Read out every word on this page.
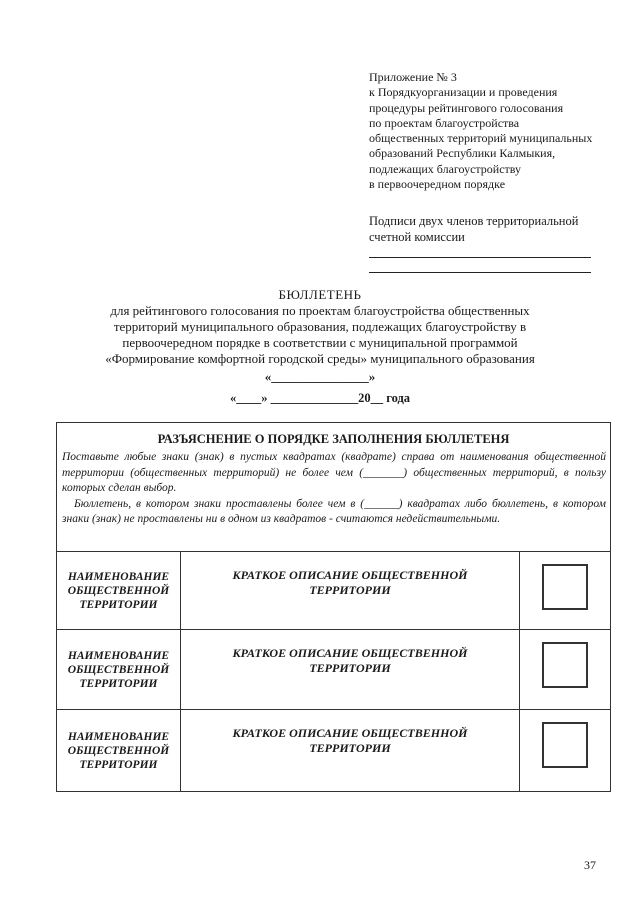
Приложение № 3
к Порядкуорганизации и проведения
процедуры рейтингового голосования
по проектам благоустройства
общественных территорий муниципальных
образований Республики Калмыкия,
подлежащих благоустройству
в первоочередном порядке
Подписи двух членов территориальной
счетной комиссии
БЮЛЛЕТЕНЬ
для рейтингового голосования по проектам благоустройства общественных
территорий муниципального образования, подлежащих благоустройству в
первоочередном порядке в соответствии с муниципальной программой
«Формирование комфортной городской среды» муниципального образования
«_______________»
«____» ______________20__ года
РАЗЪЯСНЕНИЕ О ПОРЯДКЕ ЗАПОЛНЕНИЯ БЮЛЛЕТЕНЯ
Поставьте любые знаки (знак) в пустых квадратах (квадрате) справа от наименования общественной территории (общественных территорий) не более чем (_______) общественных территорий, в пользу которых сделан выбор.
Бюллетень, в котором знаки проставлены более чем в (______) квадратах либо бюллетень, в котором знаки (знак) не проставлены ни в одном из квадратов - считаются недействительными.
НАИМЕНОВАНИЕ
ОБЩЕСТВЕННОЙ
ТЕРРИТОРИИ
КРАТКОЕ ОПИСАНИЕ ОБЩЕСТВЕННОЙ
ТЕРРИТОРИИ
НАИМЕНОВАНИЕ
ОБЩЕСТВЕННОЙ
ТЕРРИТОРИИ
КРАТКОЕ ОПИСАНИЕ ОБЩЕСТВЕННОЙ
ТЕРРИТОРИИ
НАИМЕНОВАНИЕ
ОБЩЕСТВЕННОЙ
ТЕРРИТОРИИ
КРАТКОЕ ОПИСАНИЕ ОБЩЕСТВЕННОЙ
ТЕРРИТОРИИ
37
